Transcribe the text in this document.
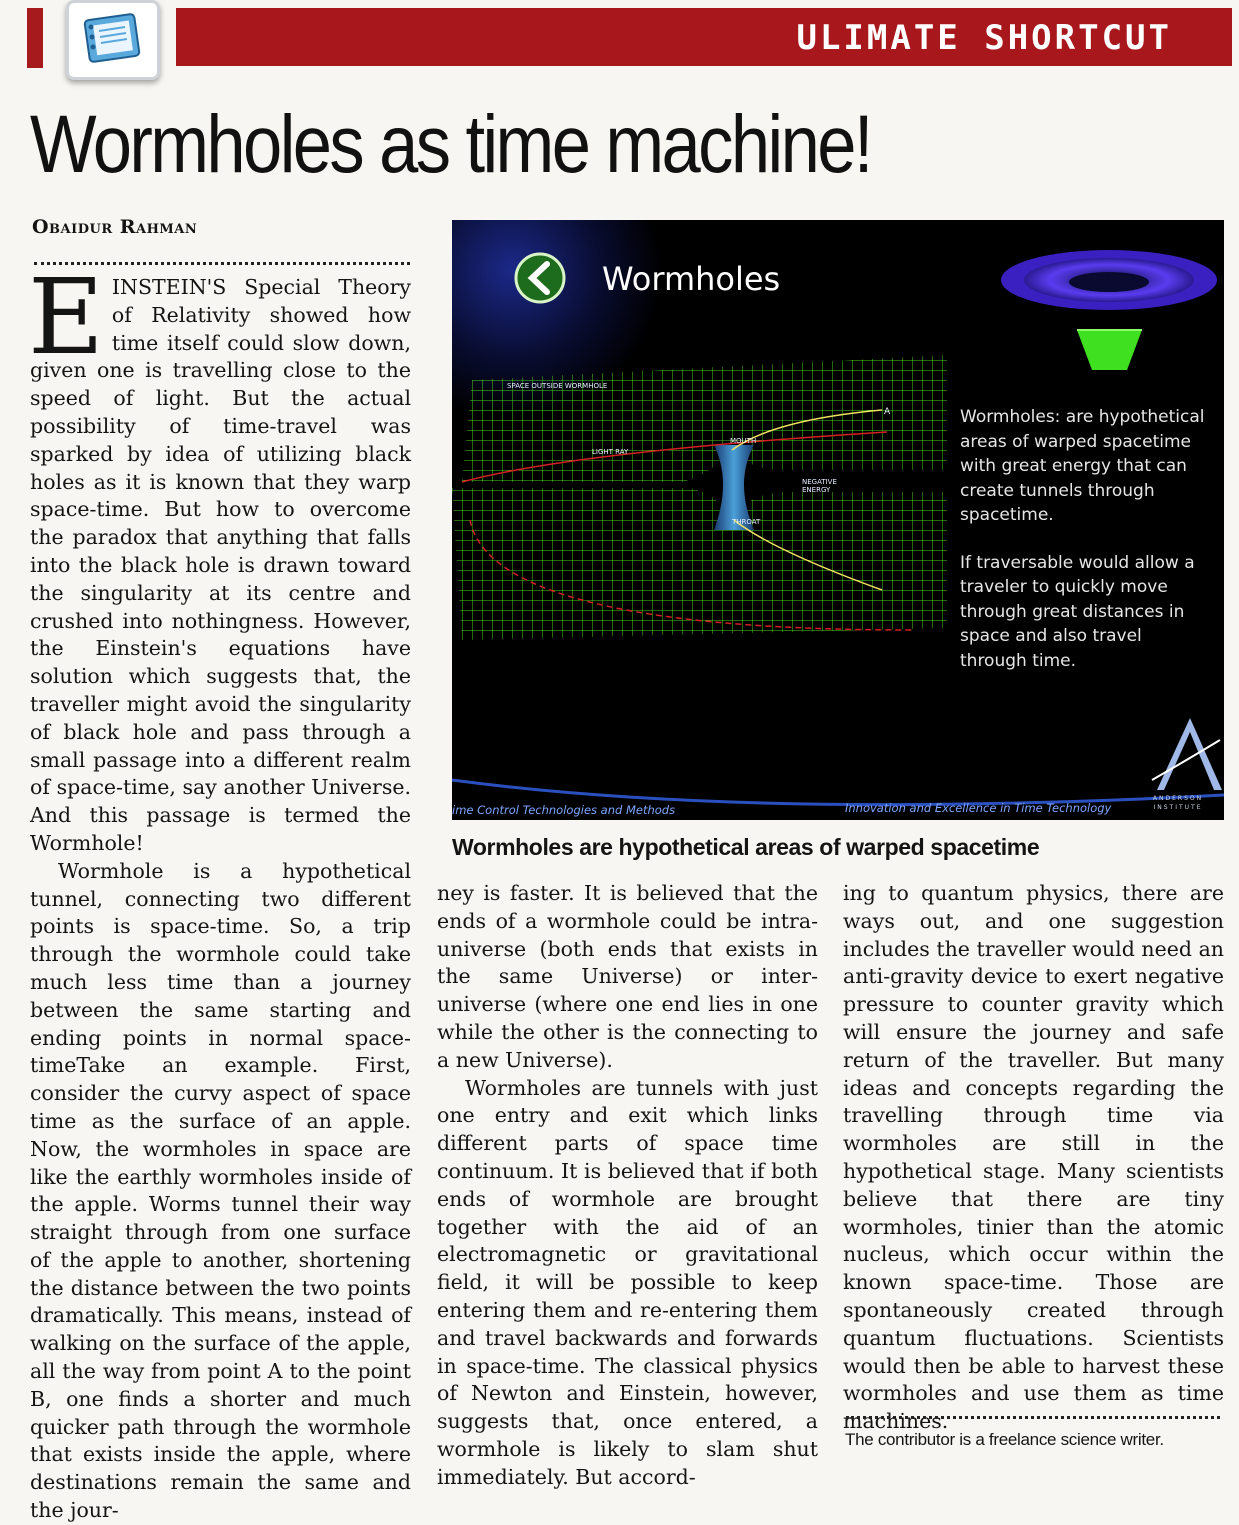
ULIMATE SHORTCUT
Wormholes as time machine!
Obaidur Rahman

EINSTEIN'S Special Theory of Relativity showed how time itself could slow down, given one is travelling close to the speed of light. But the actual possibility of time-travel was sparked by idea of utilizing black holes as it is known that they warp space-time. But how to overcome the paradox that anything that falls into the black hole is drawn toward the singularity at its centre and crushed into nothingness. However, the Einstein's equations have solution which suggests that, the traveller might avoid the singularity of black hole and pass through a small passage into a different realm of space-time, say another Universe. And this passage is termed the Wormhole!

Wormhole is a hypothetical tunnel, connecting two different points is space-time. So, a trip through the wormhole could take much less time than a journey between the same starting and ending points in normal space-timeTake an example. First, consider the curvy aspect of space time as the surface of an apple. Now, the wormholes in space are like the earthly wormholes inside of the apple. Worms tunnel their way straight through from one surface of the apple to another, shortening the distance between the two points dramatically. This means, instead of walking on the surface of the apple, all the way from point A to the point B, one finds a shorter and much quicker path through the wormhole that exists inside the apple, where destinations remain the same and the jour-

Wormholes
SPACE OUTSIDE WORMHOLE
LIGHT RAY
MOUTH
NEGATIVE ENERGY
THROAT
A	Wormholes: are hypothetical areas of warped spacetime with great energy that can create tunnels through spacetime.

If traversable would allow a traveler to quickly move through great distances in space and also travel through time.

ime Control Technologies and Methods	Innovation and Excellence in Time Technology
ANDERSON INSTITUTE
Wormholes are hypothetical areas of warped spacetime

ney is faster. It is believed that the ends of a wormhole could be intra-universe (both ends that exists in the same Universe) or inter-universe (where one end lies in one while the other is the connecting to a new Universe).

Wormholes are tunnels with just one entry and exit which links different parts of space time continuum. It is believed that if both ends of wormhole are brought together with the aid of an electromagnetic or gravitational field, it will be possible to keep entering them and re-entering them and travel backwards and forwards in space-time. The classical physics of Newton and Einstein, however, suggests that, once entered, a wormhole is likely to slam shut immediately. But accord-

ing to quantum physics, there are ways out, and one suggestion includes the traveller would need an anti-gravity device to exert negative pressure to counter gravity which will ensure the journey and safe return of the traveller. But many ideas and concepts regarding the travelling through time via wormholes are still in the hypothetical stage. Many scientists believe that there are tiny wormholes, tinier than the atomic nucleus, which occur within the known space-time. Those are spontaneously created through quantum fluctuations. Scientists would then be able to harvest these wormholes and use them as time machines.

The contributor is a freelance science writer.
